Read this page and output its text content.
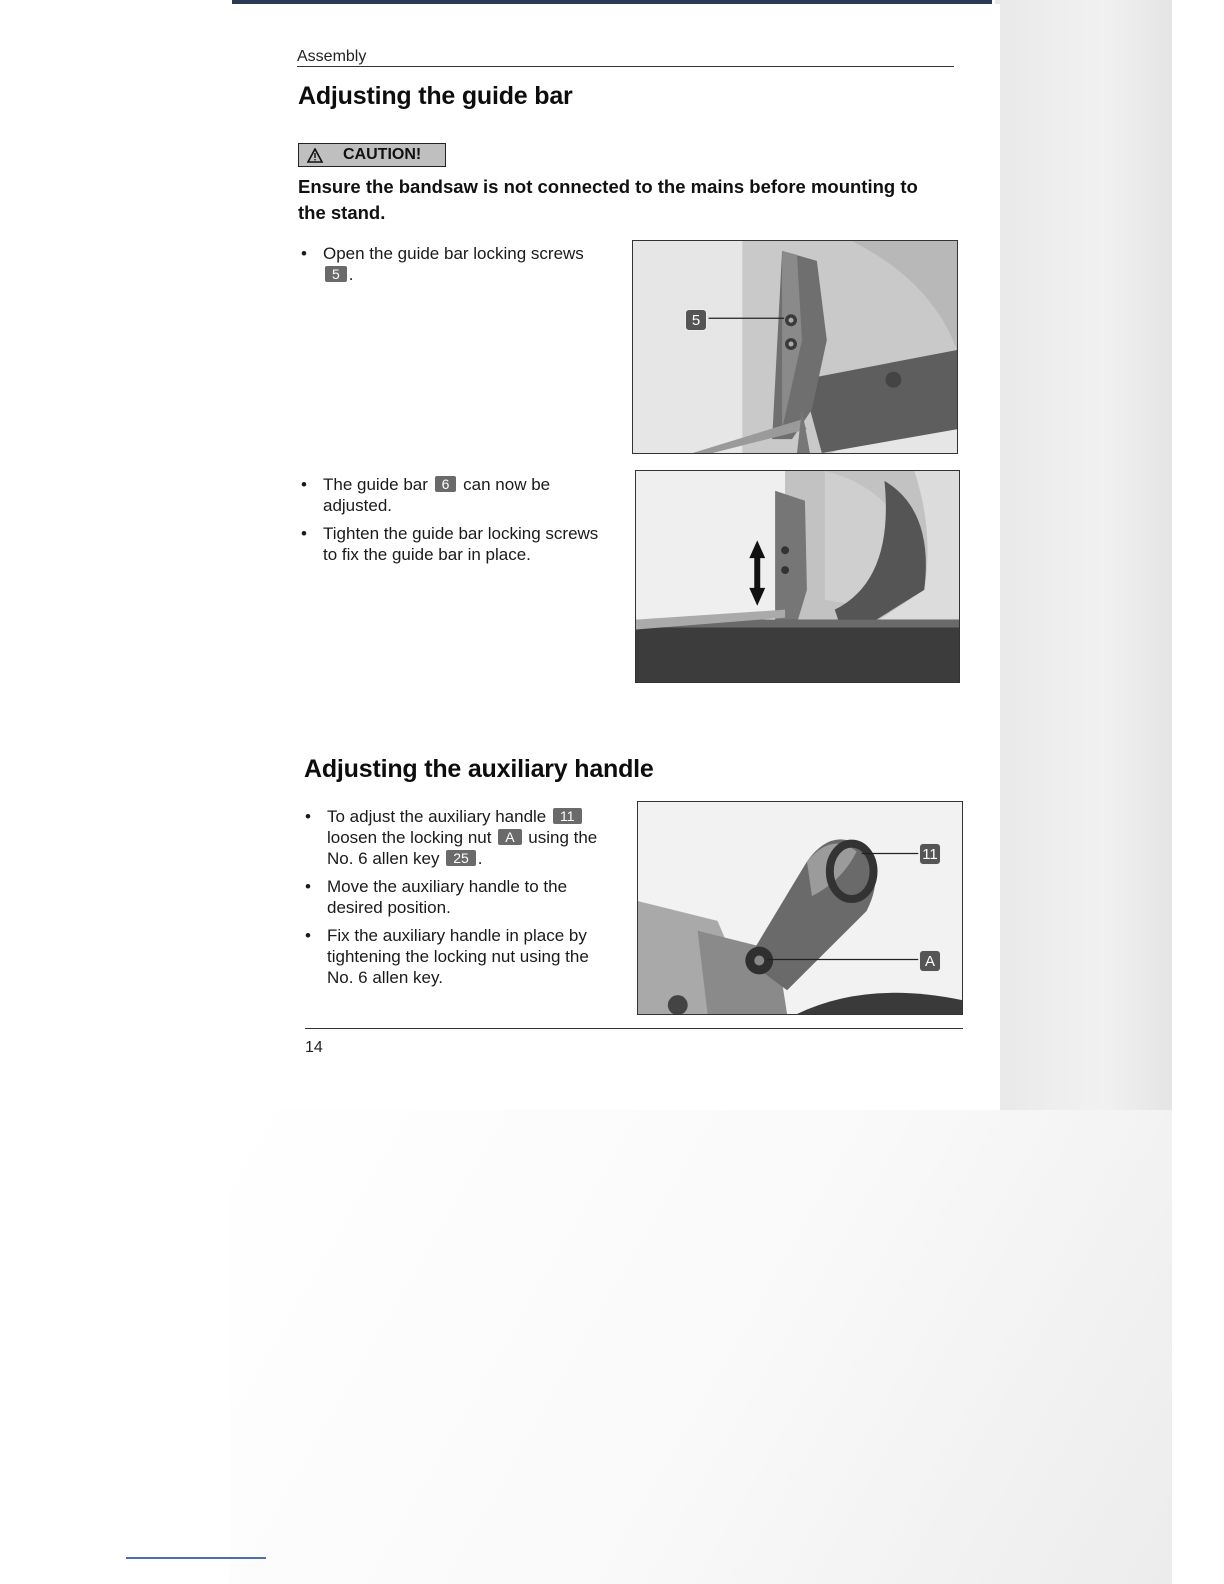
Assembly
Adjusting the guide bar
CAUTION!
Ensure the bandsaw is not connected to the mains before mounting to the stand.
• Open the guide bar locking screws 5 .
5
• The guide bar 6 can now be adjusted.
• Tighten the guide bar locking screws to fix the guide bar in place.
Adjusting the auxiliary handle
• To adjust the auxiliary handle 11 loosen the locking nut A using the No. 6 allen key 25 .
• Move the auxiliary handle to the desired position.
• Fix the auxiliary handle in place by tightening the locking nut using the No. 6 allen key.
11
A
14
